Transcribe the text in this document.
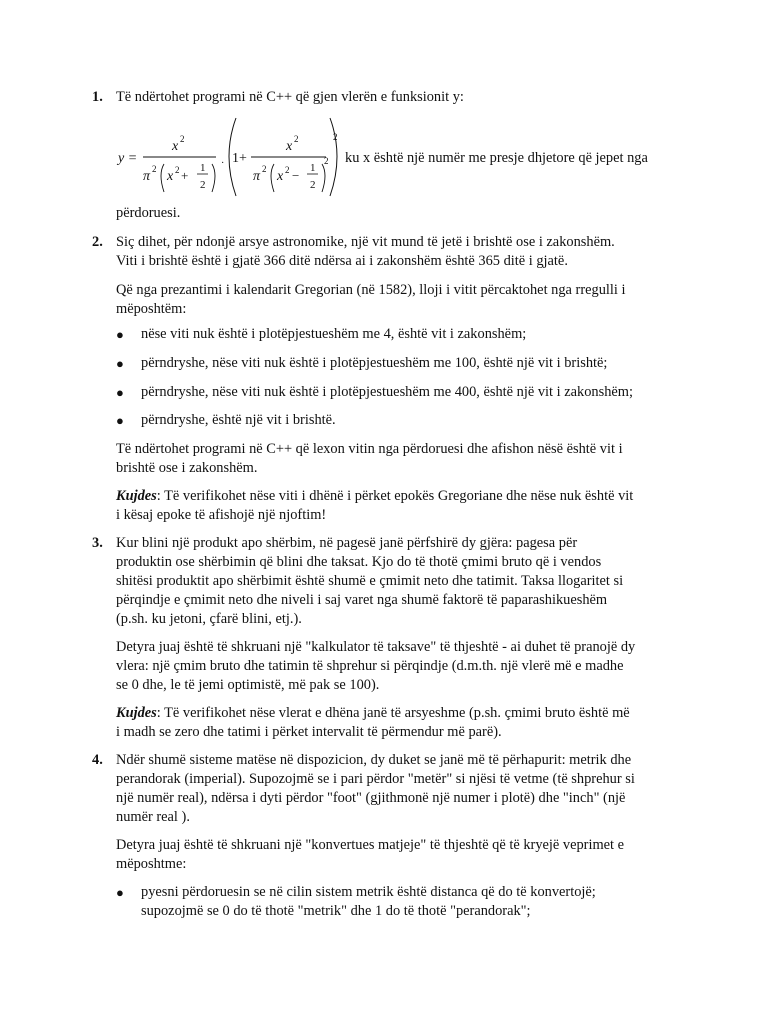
1. Të ndërtohet programi në C++ që gjen vlerën e funksionit y:

y =
x 2
π 2 x 2 + 1
2
· 1+
x 2
π 2 x 2 − 1
2
2
2
ku x është një numër me presje dhjetore që jepet nga

përdoruesi.

2. Siç dihet, për ndonjë arsye astronomike, një vit mund të jetë i brishtë ose i zakonshëm.

Viti i brishtë është i gjatë 366 ditë ndërsa ai i zakonshëm është 365 ditë i gjatë.

Që nga prezantimi i kalendarit Gregorian (në 1582), lloji i vitit përcaktohet nga rregulli i

mëposhtëm:

● nëse viti nuk është i plotëpjestueshëm me 4, është vit i zakonshëm;

● përndryshe, nëse viti nuk është i plotëpjestueshëm me 100, është një vit i brishtë;

● përndryshe, nëse viti nuk është i plotëpjestueshëm me 400, është një vit i zakonshëm;

● përndryshe, është një vit i brishtë.

Të ndërtohet programi në C++ që lexon vitin nga përdoruesi dhe afishon nësë është vit i

brishtë ose i zakonshëm.

Kujdes: Të verifikohet nëse viti i dhënë i përket epokës Gregoriane dhe nëse nuk është vit

i kësaj epoke të afishojë një njoftim!

3. Kur blini një produkt apo shërbim, në pagesë janë përfshirë dy gjëra: pagesa për

produktin ose shërbimin që blini dhe taksat. Kjo do të thotë çmimi bruto që i vendos

shitësi produktit apo shërbimit është shumë e çmimit neto dhe tatimit. Taksa llogaritet si

përqindje e çmimit neto dhe niveli i saj varet nga shumë faktorë të paparashikueshëm

(p.sh. ku jetoni, çfarë blini, etj.).

Detyra juaj është të shkruani një "kalkulator të taksave" të thjeshtë - ai duhet të pranojë dy

vlera: një çmim bruto dhe tatimin të shprehur si përqindje (d.m.th. një vlerë më e madhe

se 0 dhe, le të jemi optimistë, më pak se 100).

Kujdes: Të verifikohet nëse vlerat e dhëna janë të arsyeshme (p.sh. çmimi bruto është më

i madh se zero dhe tatimi i përket intervalit të përmendur më parë).

4. Ndër shumë sisteme matëse në dispozicion, dy duket se janë më të përhapurit: metrik dhe

perandorak (imperial). Supozojmë se i pari përdor "metër" si njësi të vetme (të shprehur si

një numër real), ndërsa i dyti përdor "foot" (gjithmonë një numer i plotë) dhe "inch" (një

numër real ).

Detyra juaj është të shkruani një "konvertues matjeje" të thjeshtë që të kryejë veprimet e

mëposhtme:

● pyesni përdoruesin se në cilin sistem metrik është distanca që do të konvertojë;

supozojmë se 0 do të thotë "metrik" dhe 1 do të thotë "perandorak";
